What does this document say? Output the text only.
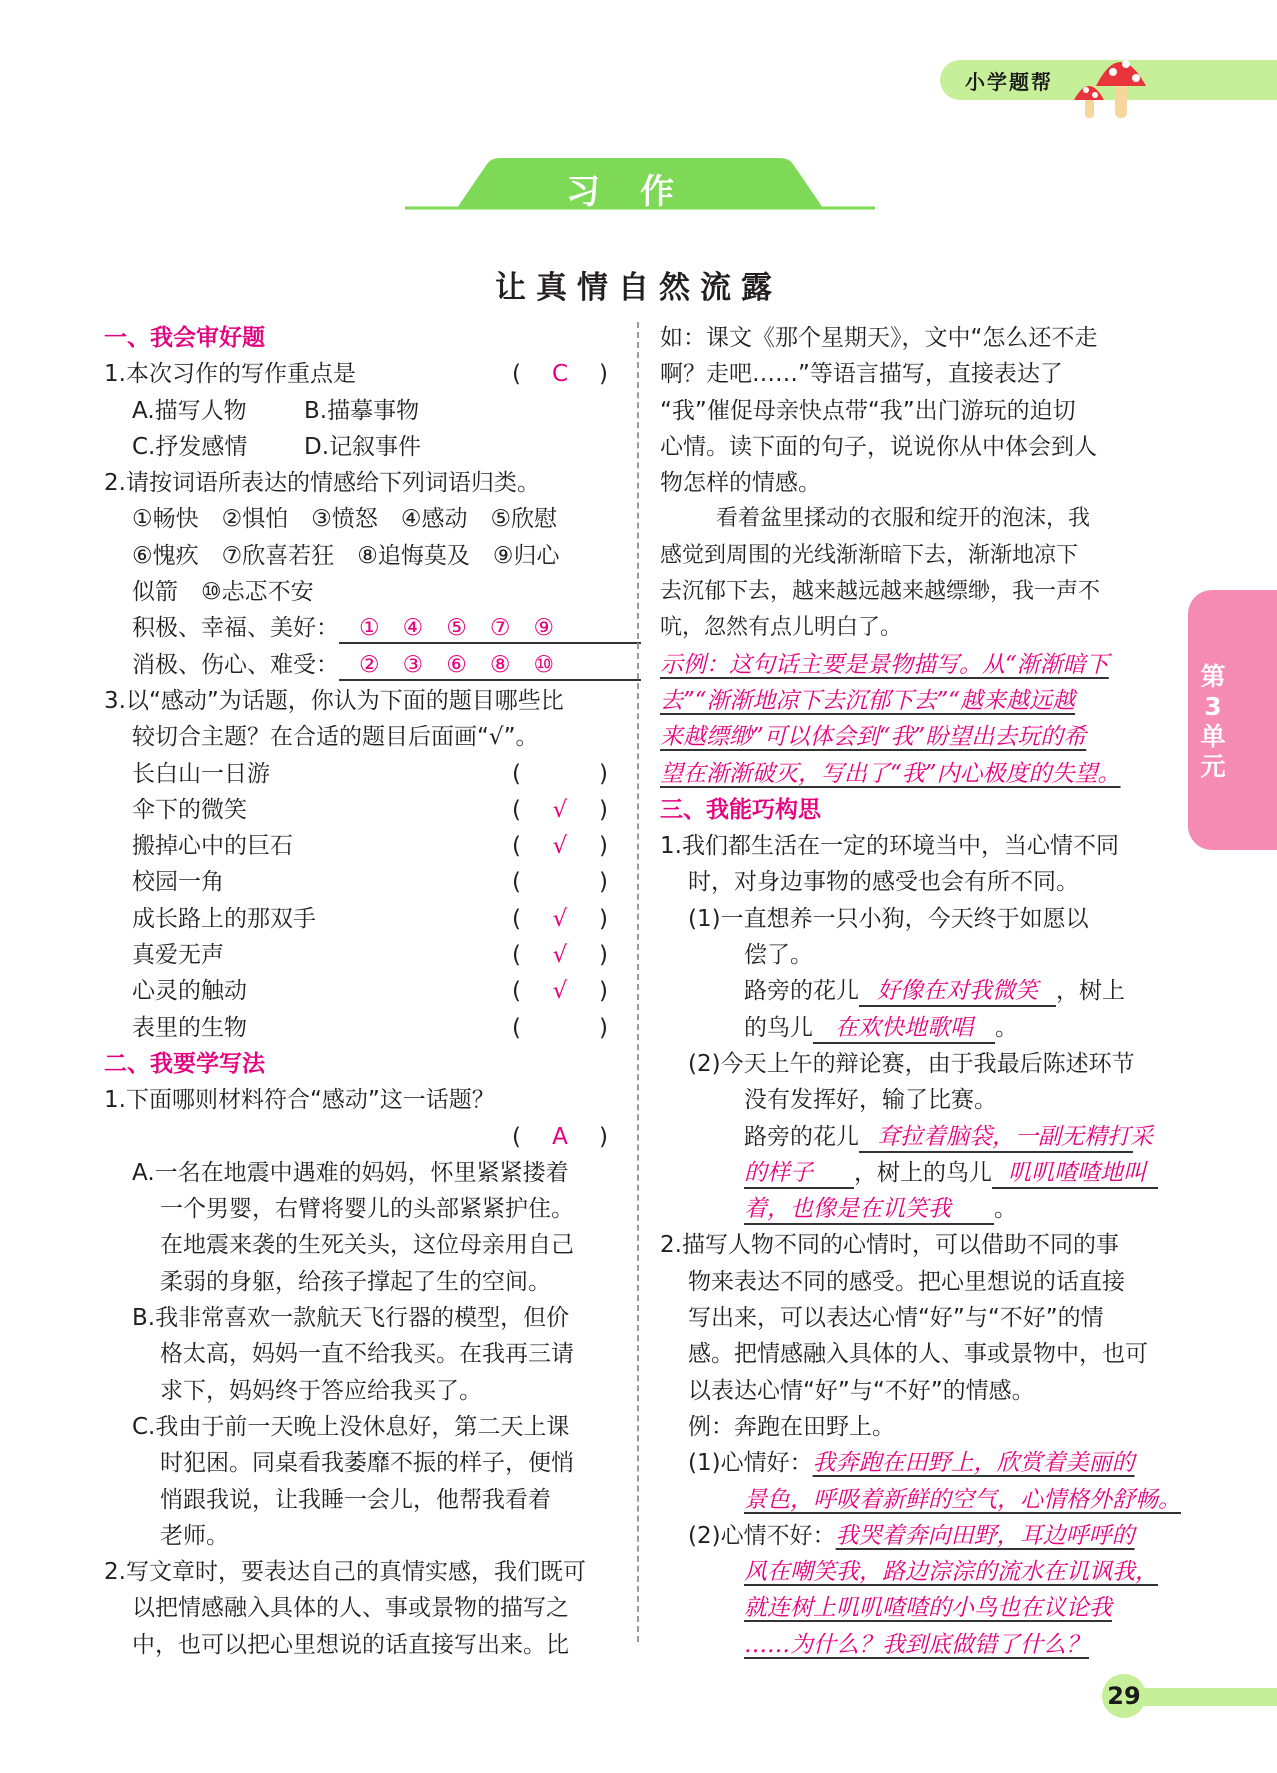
小学题帮
习作
让真情自然流露
一、我会审好题
1.本次习作的写作重点是	(	C	)
A.描写人物 B.描摹事物
C.抒发感情 D.记叙事件
2.请按词语所表达的情感给下列词语归类。
①畅快　②惧怕　③愤怒　④感动　⑤欣慰
⑥愧疚　⑦欣喜若狂　⑧追悔莫及　⑨归心
似箭　⑩忐忑不安
积极、幸福、美好： ①　④　⑤　⑦　⑨
消极、伤心、难受： ②　③　⑥　⑧　⑩
3.以“感动”为话题，你认为下面的题目哪些比
较切合主题？在合适的题目后面画“√”。
长白山一日游	(	)
伞下的微笑	(	√	)
搬掉心中的巨石	(	√	)
校园一角	(	)
成长路上的那双手	(	√	)
真爱无声	(	√	)
心灵的触动	(	√	)
表里的生物	(	)
二、我要学写法
1.下面哪则材料符合“感动”这一话题？
(	A	)
A.一名在地震中遇难的妈妈，怀里紧紧搂着
一个男婴，右臂将婴儿的头部紧紧护住。
在地震来袭的生死关头，这位母亲用自己
柔弱的身躯，给孩子撑起了生的空间。
B.我非常喜欢一款航天飞行器的模型，但价
格太高，妈妈一直不给我买。在我再三请
求下，妈妈终于答应给我买了。
C.我由于前一天晚上没休息好，第二天上课
时犯困。同桌看我萎靡不振的样子，便悄
悄跟我说，让我睡一会儿，他帮我看着
老师。
2.写文章时，要表达自己的真情实感，我们既可
以把情感融入具体的人、事或景物的描写之
中，也可以把心里想说的话直接写出来。比
如：课文《那个星期天》，文中“怎么还不走
啊？走吧……”等语言描写，直接表达了
“我”催促母亲快点带“我”出门游玩的迫切
心情。读下面的句子，说说你从中体会到人
物怎样的情感。
看着盆里揉动的衣服和绽开的泡沫，我
感觉到周围的光线渐渐暗下去，渐渐地凉下
去沉郁下去，越来越远越来越缥缈，我一声不
吭，忽然有点儿明白了。
示例：这句话主要是景物描写。从“渐渐暗下
去”“渐渐地凉下去沉郁下去”“越来越远越
来越缥缈”可以体会到“我”盼望出去玩的希
望在渐渐破灭，写出了“我”内心极度的失望。
三、我能巧构思
1.我们都生活在一定的环境当中，当心情不同
时，对身边事物的感受也会有所不同。
(1)一直想养一只小狗，今天终于如愿以
偿了。
路旁的花儿 好像在对我微笑 ，树上
的鸟儿 在欢快地歌唱 。
(2)今天上午的辩论赛，由于我最后陈述环节
没有发挥好，输了比赛。
路旁的花儿 耷拉着脑袋，一副无精打采
的样子 ，树上的鸟儿 叽叽喳喳地叫
着，也像是在讥笑我 。
2.描写人物不同的心情时，可以借助不同的事
物来表达不同的感受。把心里想说的话直接
写出来，可以表达心情“好”与“不好”的情
感。把情感融入具体的人、事或景物中，也可
以表达心情“好”与“不好”的情感。
例：奔跑在田野上。
(1)心情好：我奔跑在田野上，欣赏着美丽的
景色，呼吸着新鲜的空气，心情格外舒畅。
(2)心情不好：我哭着奔向田野，耳边呼呼的
风在嘲笑我，路边淙淙的流水在讥讽我，
就连树上叽叽喳喳的小鸟也在议论我
……为什么？我到底做错了什么？
第
3
单
元
29
